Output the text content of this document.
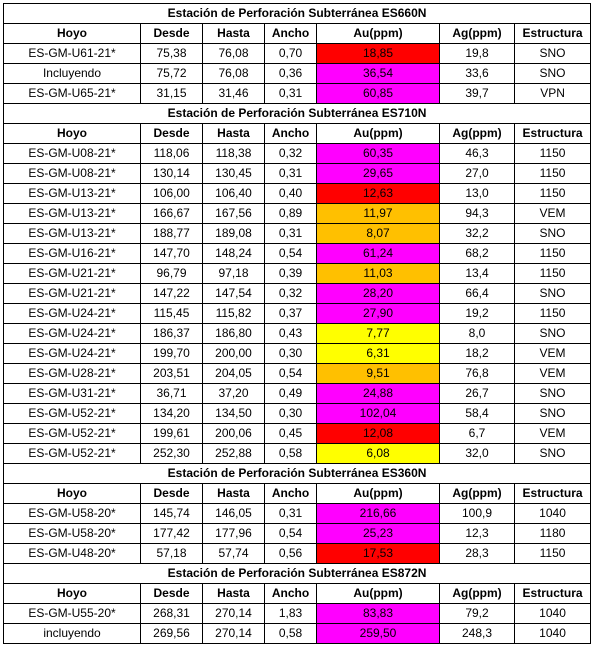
Estación de Perforación Subterránea ES660N						
Hoyo	Desde	Hasta	Ancho	Au(ppm)	Ag(ppm)	Estructura
ES-GM-U61-21*	75,38	76,08	0,70	18,85	19,8	SNO
Incluyendo	75,72	76,08	0,36	36,54	33,6	SNO
ES-GM-U65-21*	31,15	31,46	0,31	60,85	39,7	VPN
Estación de Perforación Subterránea ES710N						
Hoyo	Desde	Hasta	Ancho	Au(ppm)	Ag(ppm)	Estructura
ES-GM-U08-21*	118,06	118,38	0,32	60,35	46,3	1150
ES-GM-U08-21*	130,14	130,45	0,31	29,65	27,0	1150
ES-GM-U13-21*	106,00	106,40	0,40	12,63	13,0	1150
ES-GM-U13-21*	166,67	167,56	0,89	11,97	94,3	VEM
ES-GM-U13-21*	188,77	189,08	0,31	8,07	32,2	SNO
ES-GM-U16-21*	147,70	148,24	0,54	61,24	68,2	1150
ES-GM-U21-21*	96,79	97,18	0,39	11,03	13,4	1150
ES-GM-U21-21*	147,22	147,54	0,32	28,20	66,4	SNO
ES-GM-U24-21*	115,45	115,82	0,37	27,90	19,2	1150
ES-GM-U24-21*	186,37	186,80	0,43	7,77	8,0	SNO
ES-GM-U24-21*	199,70	200,00	0,30	6,31	18,2	VEM
ES-GM-U28-21*	203,51	204,05	0,54	9,51	76,8	VEM
ES-GM-U31-21*	36,71	37,20	0,49	24,88	26,7	SNO
ES-GM-U52-21*	134,20	134,50	0,30	102,04	58,4	SNO
ES-GM-U52-21*	199,61	200,06	0,45	12,08	6,7	VEM
ES-GM-U52-21*	252,30	252,88	0,58	6,08	32,0	SNO
Estación de Perforación Subterránea ES360N						
Hoyo	Desde	Hasta	Ancho	Au(ppm)	Ag(ppm)	Estructura
ES-GM-U58-20*	145,74	146,05	0,31	216,66	100,9	1040
ES-GM-U58-20*	177,42	177,96	0,54	25,23	12,3	1180
ES-GM-U48-20*	57,18	57,74	0,56	17,53	28,3	1150
Estación de Perforación Subterránea ES872N						
Hoyo	Desde	Hasta	Ancho	Au(ppm)	Ag(ppm)	Estructura
ES-GM-U55-20*	268,31	270,14	1,83	83,83	79,2	1040
incluyendo	269,56	270,14	0,58	259,50	248,3	1040
